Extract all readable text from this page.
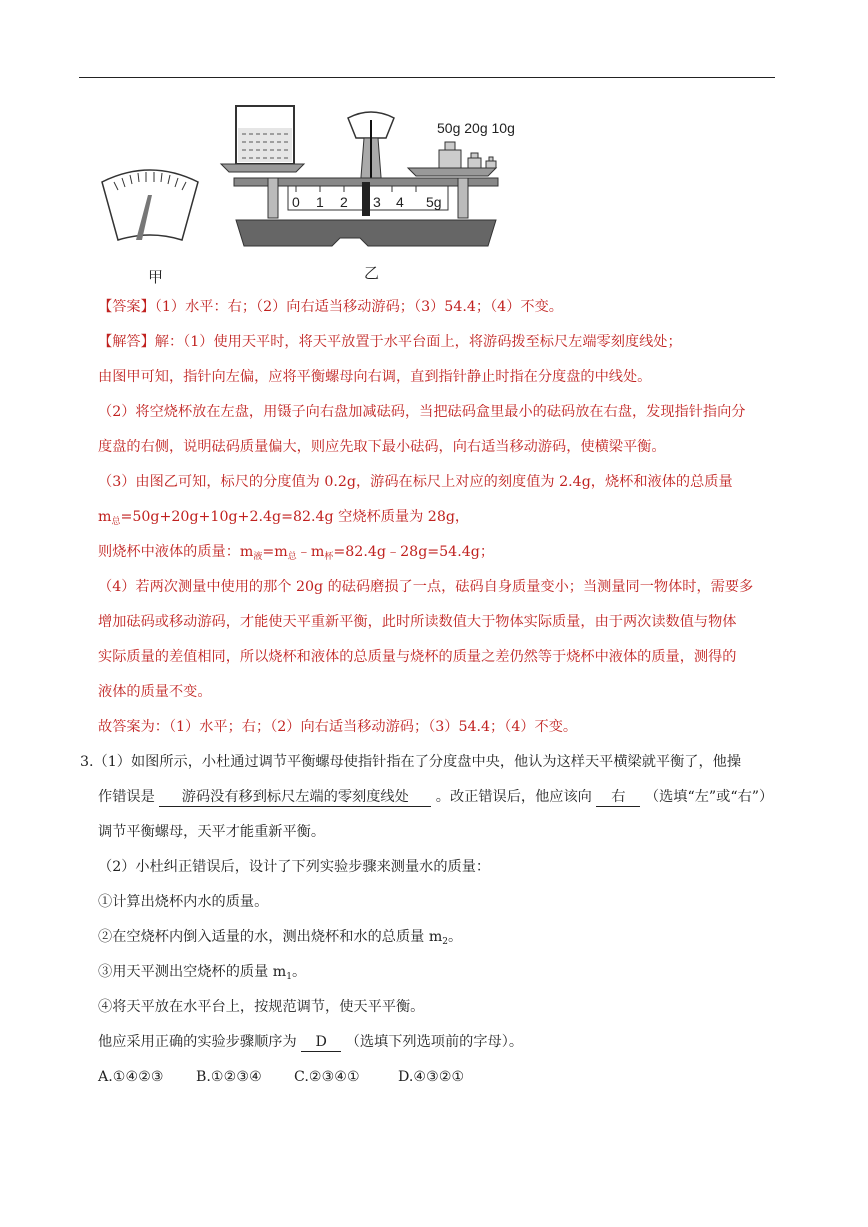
50g 20g 10g
0 1 2 3 4 5g
甲	乙
【答案】（1）水平：右；（2）向右适当移动游码；（3）54.4；（4）不变。
【解答】解：（1）使用天平时，将天平放置于水平台面上，将游码拨至标尺左端零刻度线处；
由图甲可知，指针向左偏，应将平衡螺母向右调，直到指针静止时指在分度盘的中线处。
（2）将空烧杯放在左盘，用镊子向右盘加减砝码，当把砝码盒里最小的砝码放在右盘，发现指针指向分
度盘的右侧，说明砝码质量偏大，则应先取下最小砝码，向右适当移动游码，使横梁平衡。
（3）由图乙可知，标尺的分度值为 0.2g，游码在标尺上对应的刻度值为 2.4g，烧杯和液体的总质量
$m_总=50g+20g+10g+2.4g=82.4g$ 空烧杯质量为 28g，
则烧杯中液体的质量：$m_液=m_总﹣m_杯=82.4g﹣28g=54.4g$；
（4）若两次测量中使用的那个 20g 的砝码磨损了一点，砝码自身质量变小；当测量同一物体时，需要多
增加砝码或移动游码，才能使天平重新平衡，此时所读数值大于物体实际质量，由于两次读数值与物体
实际质量的差值相同，所以烧杯和液体的总质量与烧杯的质量之差仍然等于烧杯中液体的质量，测得的
液体的质量不变。
故答案为：（1）水平；右；（2）向右适当移动游码；（3）54.4；（4）不变。
3.（1）如图所示，小杜通过调节平衡螺母使指针指在了分度盘中央，他认为这样天平横梁就平衡了，他操
作错误是 游码没有移到标尺左端的零刻度线处 。改正错误后，他应该向 右 （选填“左”或“右”）
调节平衡螺母，天平才能重新平衡。
（2）小杜纠正错误后，设计了下列实验步骤来测量水的质量：
①计算出烧杯内水的质量。
②在空烧杯内倒入适量的水，测出烧杯和水的总质量 $m_2$。
③用天平测出空烧杯的质量 $m_1$。
④将天平放在水平台上，按规范调节，使天平平衡。
他应采用正确的实验步骤顺序为 D （选填下列选项前的字母）。
A.①④②③ B.①②③④ C.②③④①	D.④③②①
